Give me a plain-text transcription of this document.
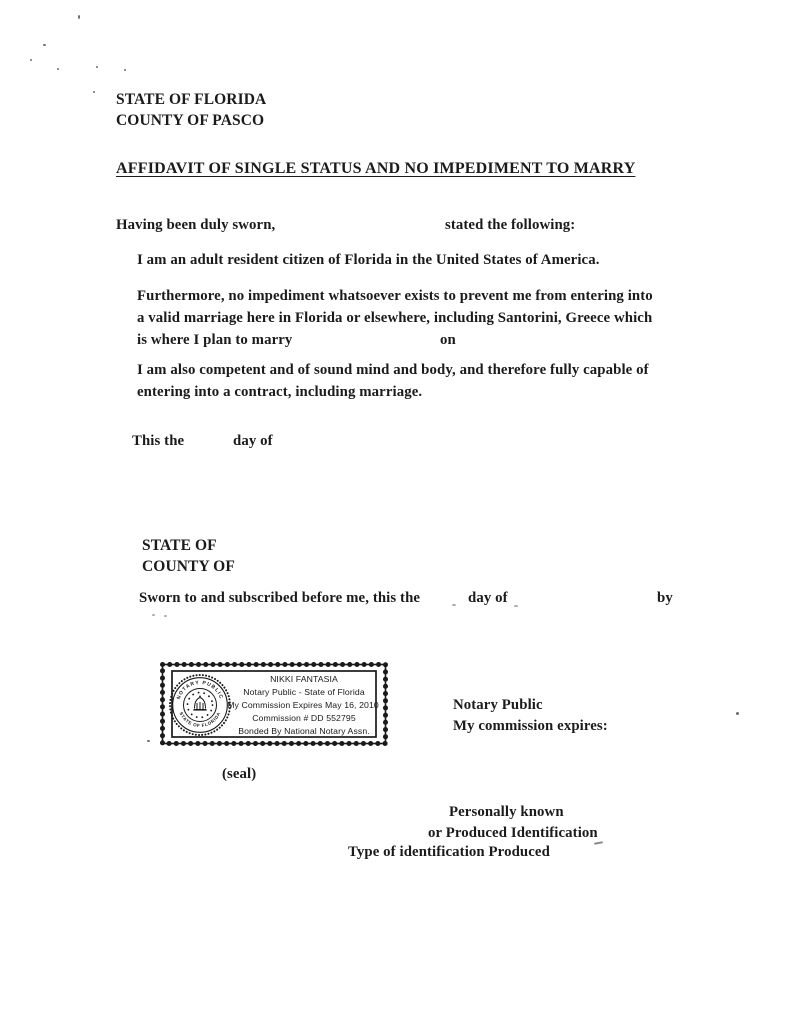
STATE OF FLORIDA
COUNTY OF PASCO
AFFIDAVIT OF SINGLE STATUS AND NO IMPEDIMENT TO MARRY
Having been duly sworn,	stated the following:
I am an adult resident citizen of Florida in the United States of America.
Furthermore, no impediment whatsoever exists to prevent me from entering into
a valid marriage here in Florida or elsewhere, including Santorini, Greece which
is where I plan to marry	on
I am also competent and of sound mind and body, and therefore fully capable of
entering into a contract, including marriage.
This the	day of
STATE OF
COUNTY OF
Sworn to and subscribed before me, this the	day of	by
NOTARY PUBLIC
STATE OF FLORIDA
NIKKI FANTASIA
Notary Public - State of Florida
My Commission Expires May 16, 2010
Commission # DD 552795
Bonded By National Notary Assn.
Notary Public
My commission expires:
(seal)
Personally known
or Produced Identification
Type of identification Produced
